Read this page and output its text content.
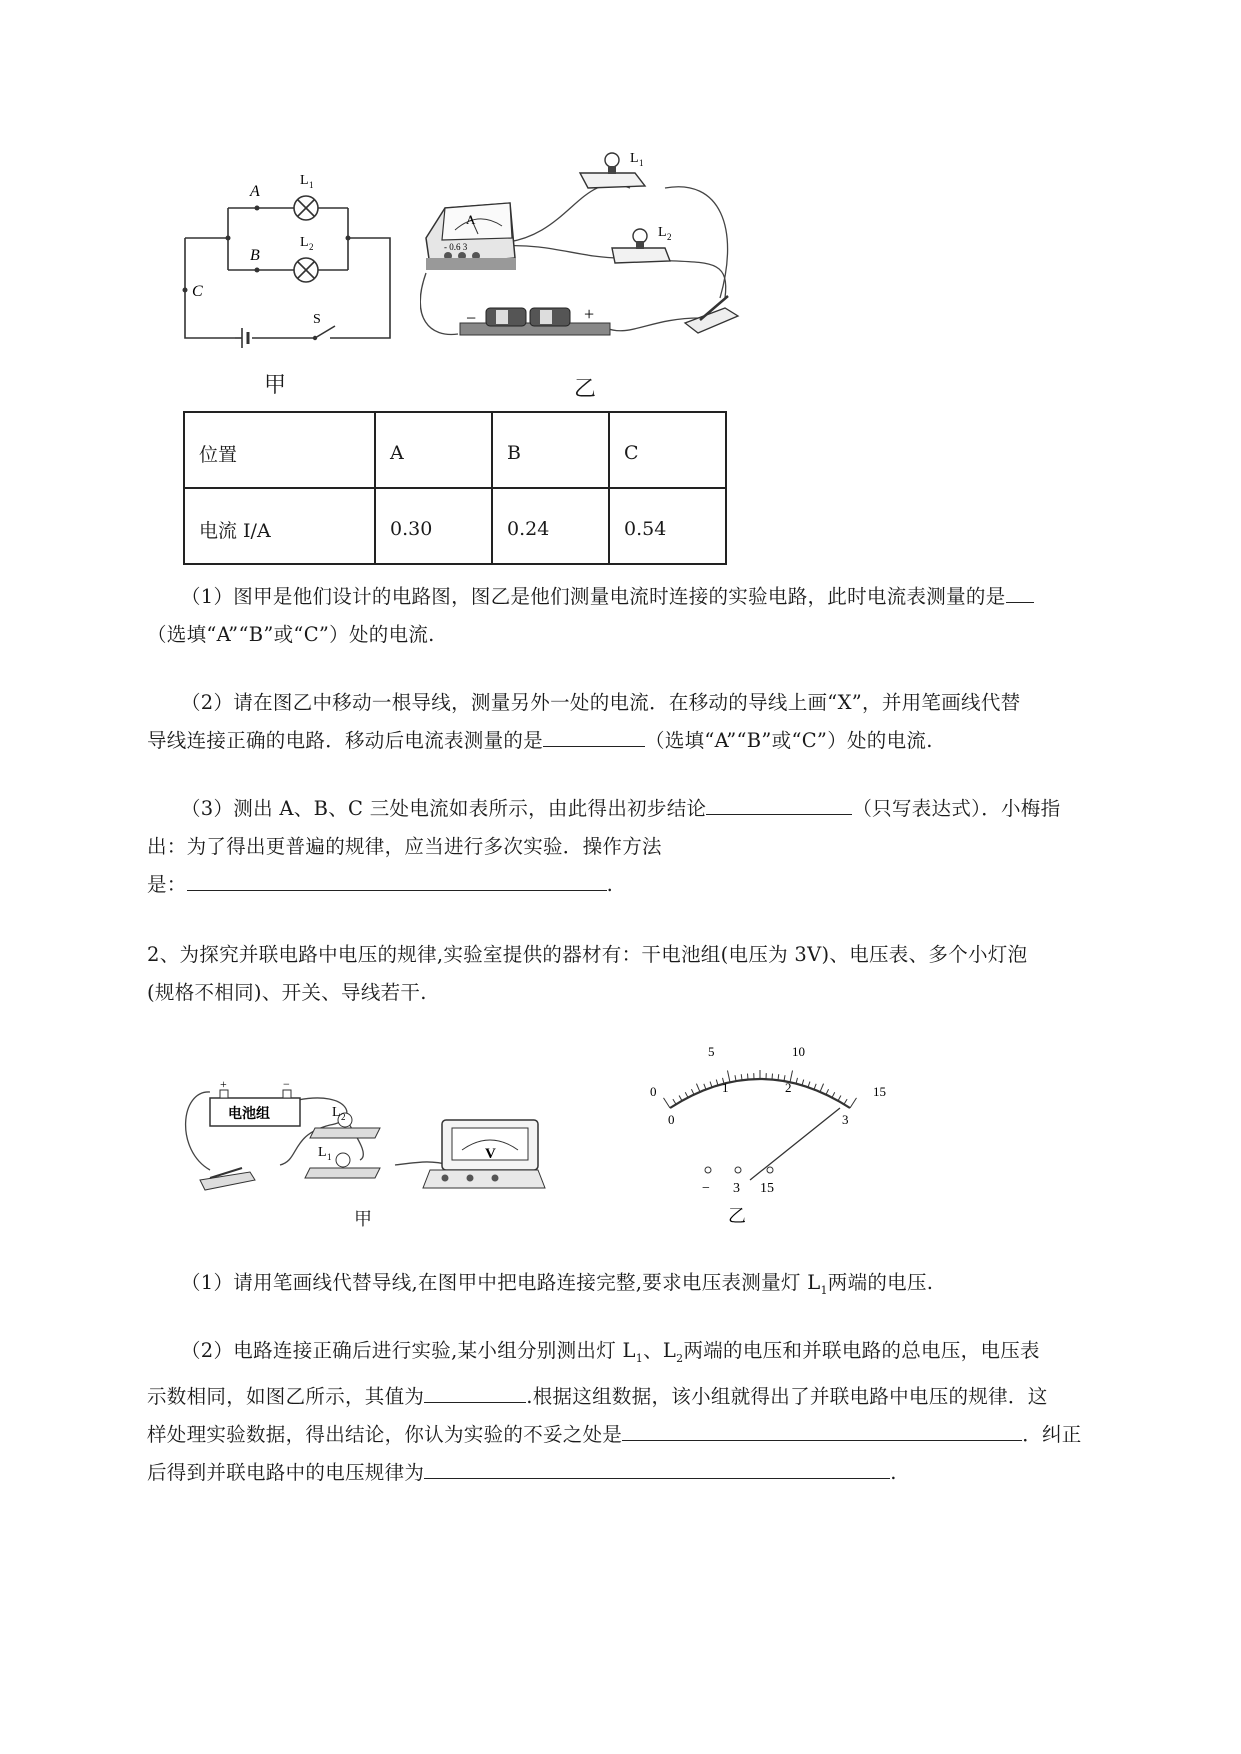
A
B
C
L 1
L 2
S
甲
A
- 0.6 3
L 1
L 2
−	+
乙
位置	A	B	C
电流 I/A	0.30	0.24	0.54
（1）图甲是他们设计的电路图，图乙是他们测量电流时连接的实验电路，此时电流表测量的是
（选填“A”“B”或“C”）处的电流.
（2）请在图乙中移动一根导线，测量另外一处的电流．在移动的导线上画“X”，并用笔画线代替
导线连接正确的电路．移动后电流表测量的是	（选填“A”“B”或“C”）处的电流.
（3）测出 A、B、C 三处电流如表所示，由此得出初步结论	（只写表达式）．小梅指
出：为了得出更普遍的规律，应当进行多次实验．操作方法
是：	.
2、为探究并联电路中电压的规律,实验室提供的器材有：干电池组(电压为 3V)、电压表、多个小灯泡
(规格不相同)、开关、导线若干.
电池组
+	−
L 2
L 1	V
甲
0
5	10
15
0
1	2
3
− 3 15
乙
（1）请用笔画线代替导线,在图甲中把电路连接完整,要求电压表测量灯 $L_1$两端的电压.
（2）电路连接正确后进行实验,某小组分别测出灯 $L_1$、$L_2$两端的电压和并联电路的总电压，电压表
示数相同，如图乙所示，其值为	.根据这组数据，该小组就得出了并联电路中电压的规律．这
样处理实验数据，得出结论，你认为实验的不妥之处是	．纠正
后得到并联电路中的电压规律为	.
